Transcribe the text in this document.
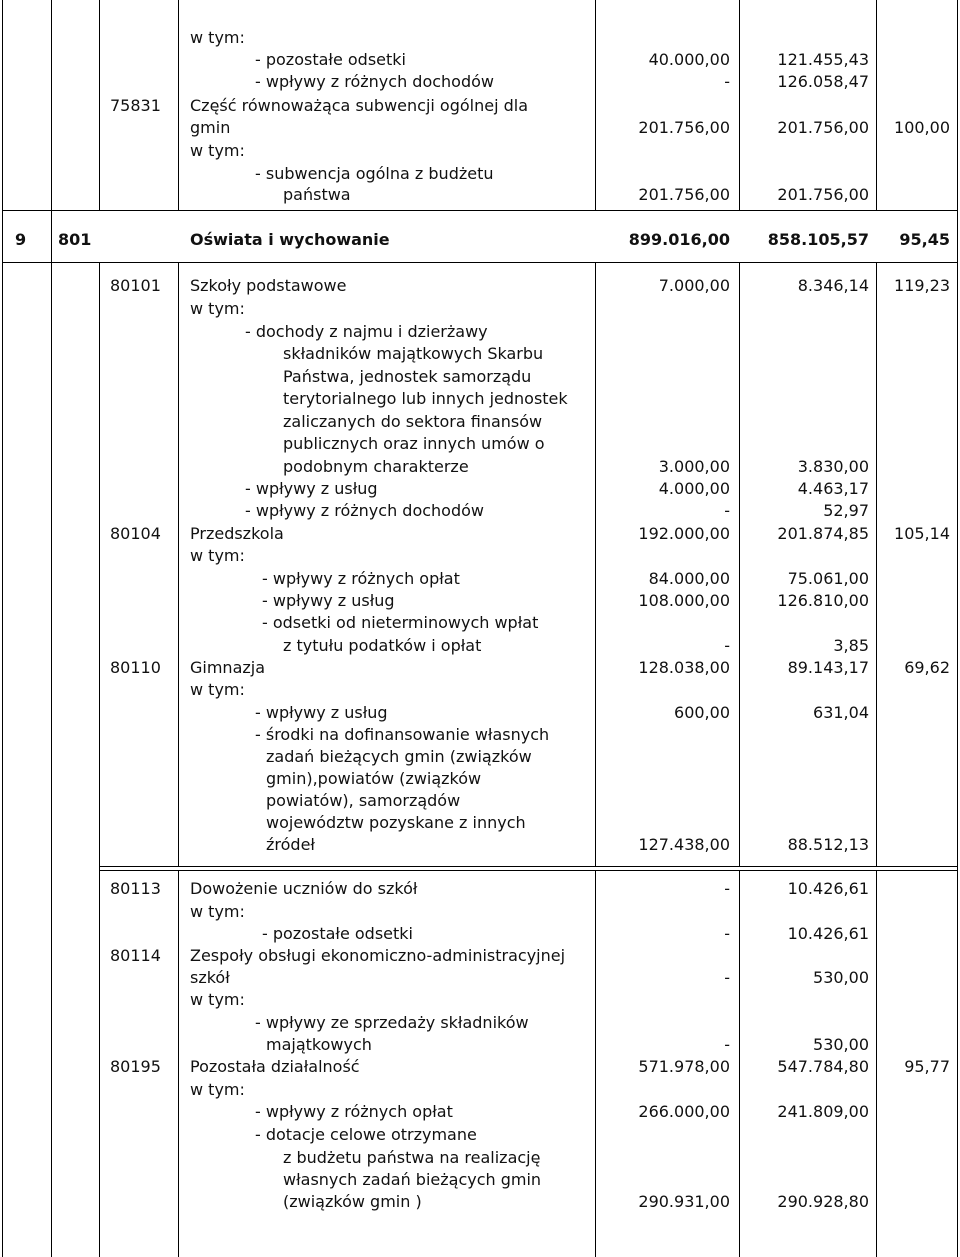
w tym:
- pozostałe odsetki	40.000,00	121.455,43
- wpływy z różnych dochodów	-	126.058,47
75831 Część równoważąca subwencji ogólnej dla
gmin	201.756,00	201.756,00 100,00
w tym:
- subwencja ogólna z budżetu
państwa	201.756,00	201.756,00
9 801	Oświata i wychowanie	899.016,00 858.105,57 95,45
80101 Szkoły podstawowe	7.000,00	8.346,14 119,23
w tym:
- dochody z najmu i dzierżawy
składników majątkowych Skarbu
Państwa, jednostek samorządu
terytorialnego lub innych jednostek
zaliczanych do sektora finansów
publicznych oraz innych umów o
podobnym charakterze	3.000,00	3.830,00
- wpływy z usług	4.000,00	4.463,17
- wpływy z różnych dochodów	-	52,97
80104 Przedszkola	192.000,00	201.874,85 105,14
w tym:
- wpływy z różnych opłat	84.000,00	75.061,00
- wpływy z usług	108.000,00	126.810,00
- odsetki od nieterminowych wpłat
z tytułu podatków i opłat	-	3,85
80110 Gimnazja	128.038,00	89.143,17 69,62
w tym:
- wpływy z usług	600,00	631,04
- środki na dofinansowanie własnych
zadań bieżących gmin (związków
gmin),powiatów (związków
powiatów), samorządów
województw pozyskane z innych
źródeł	127.438,00	88.512,13
80113 Dowożenie uczniów do szkół	-	10.426,61
w tym:
- pozostałe odsetki	-	10.426,61
80114 Zespoły obsługi ekonomiczno-administracyjnej
szkół	-	530,00
w tym:
- wpływy ze sprzedaży składników
majątkowych	-	530,00
80195 Pozostała działalność	571.978,00	547.784,80 95,77
w tym:
- wpływy z różnych opłat	266.000,00	241.809,00
- dotacje celowe otrzymane
z budżetu państwa na realizację
własnych zadań bieżących gmin
(związków gmin )	290.931,00	290.928,80
